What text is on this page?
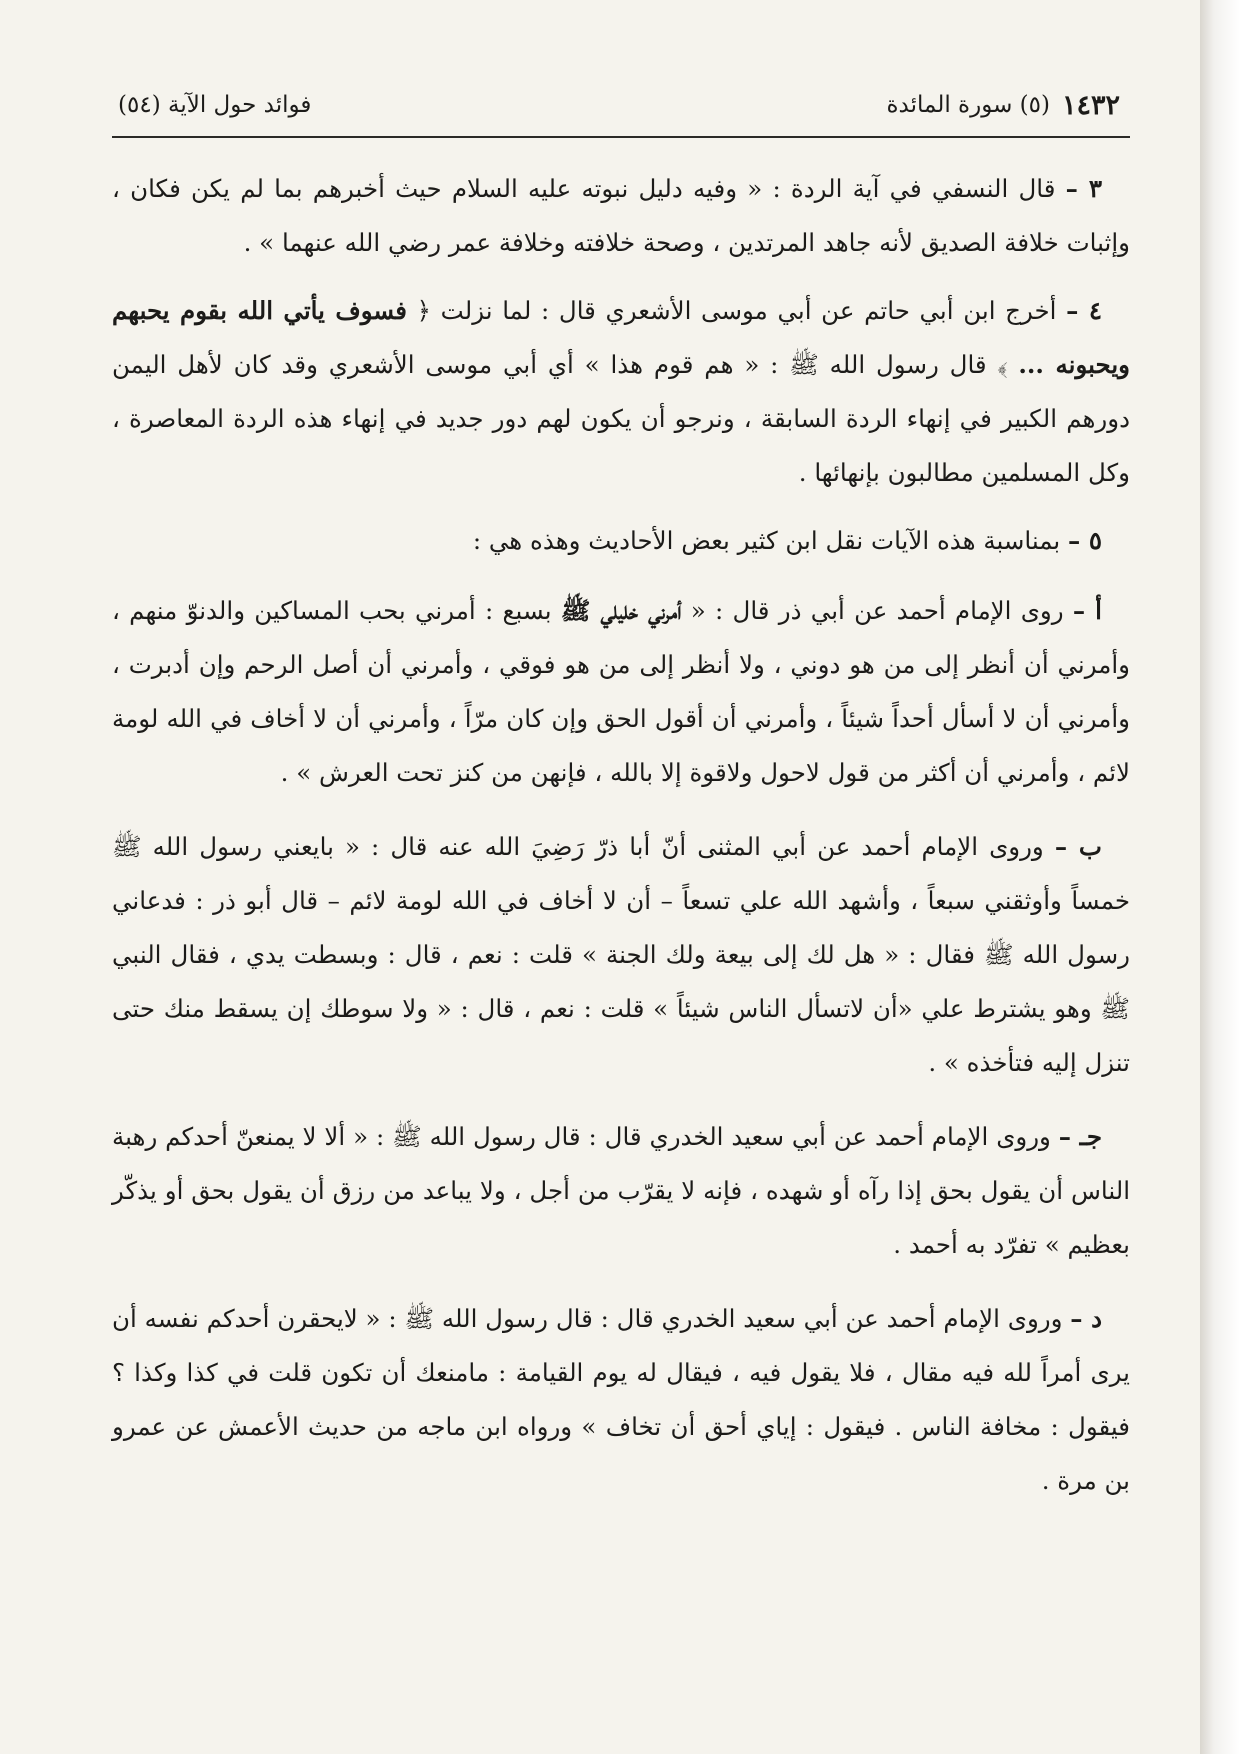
١٤٣٢
(٥) سورة المائدة
فوائد حول الآية (٥٤)

٣ – قال النسفي في آية الردة : « وفيه دليل نبوته عليه السلام حيث أخبرهم بما لم يكن فكان ، وإثبات خلافة الصديق لأنه جاهد المرتدين ، وصحة خلافته وخلافة عمر رضي الله عنهما » .

٤ – أخرج ابن أبي حاتم عن أبي موسى الأشعري قال : لما نزلت ﴿ فسوف يأتي الله بقوم يحبهم ويحبونه ... ﴾ قال رسول الله ﷺ : « هم قوم هذا » أي أبي موسى الأشعري وقد كان لأهل اليمن دورهم الكبير في إنهاء الردة السابقة ، ونرجو أن يكون لهم دور جديد في إنهاء هذه الردة المعاصرة ، وكل المسلمين مطالبون بإنهائها .

٥ – بمناسبة هذه الآيات نقل ابن كثير بعض الأحاديث وهذه هي :

أ – روى الإمام أحمد عن أبي ذر قال : « أمرني خليلي ﷺ بسبع : أمرني بحب المساكين والدنوّ منهم ، وأمرني أن أنظر إلى من هو دوني ، ولا أنظر إلى من هو فوقي ، وأمرني أن أصل الرحم وإن أدبرت ، وأمرني أن لا أسأل أحداً شيئاً ، وأمرني أن أقول الحق وإن كان مرّاً ، وأمرني أن لا أخاف في الله لومة لائم ، وأمرني أن أكثر من قول لاحول ولاقوة إلا بالله ، فإنهن من كنز تحت العرش » .

ب – وروى الإمام أحمد عن أبي المثنى أنّ أبا ذرّ رَضِيَ الله عنه قال : « بايعني رسول الله ﷺ خمساً وأوثقني سبعاً ، وأشهد الله علي تسعاً – أن لا أخاف في الله لومة لائم – قال أبو ذر : فدعاني رسول الله ﷺ فقال : « هل لك إلى بيعة ولك الجنة » قلت : نعم ، قال : وبسطت يدي ، فقال النبي ﷺ وهو يشترط علي «أن لاتسأل الناس شيئاً » قلت : نعم ، قال : « ولا سوطك إن يسقط منك حتى تنزل إليه فتأخذه » .

جـ – وروى الإمام أحمد عن أبي سعيد الخدري قال : قال رسول الله ﷺ : « ألا لا يمنعنّ أحدكم رهبة الناس أن يقول بحق إذا رآه أو شهده ، فإنه لا يقرّب من أجل ، ولا يباعد من رزق أن يقول بحق أو يذكّر بعظيم » تفرّد به أحمد .

د – وروى الإمام أحمد عن أبي سعيد الخدري قال : قال رسول الله ﷺ : « لايحقرن أحدكم نفسه أن يرى أمراً لله فيه مقال ، فلا يقول فيه ، فيقال له يوم القيامة : مامنعك أن تكون قلت في كذا وكذا ؟ فيقول : مخافة الناس . فيقول : إياي أحق أن تخاف » ورواه ابن ماجه من حديث الأعمش عن عمرو بن مرة .
